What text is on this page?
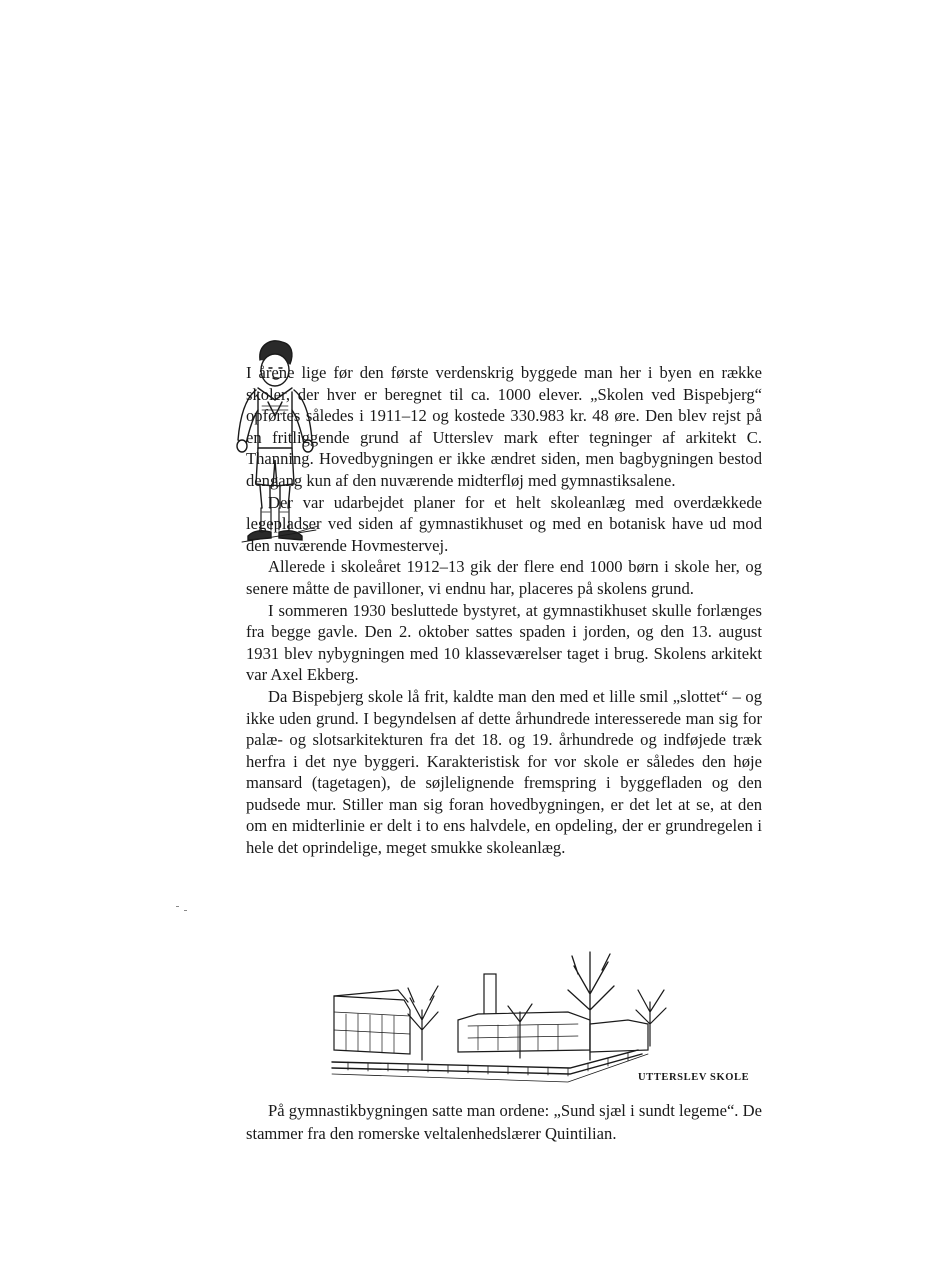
I årene lige før den første verdenskrig byggede man her i byen en række skoler, der hver er beregnet til ca. 1000 elever. „Skolen ved Bispebjerg“ opførtes således i 1911–12 og kostede 330.983 kr. 48 øre. Den blev rejst på en fritliggende grund af Utterslev mark efter tegninger af arkitekt C. Thanning. Hovedbygningen er ikke ændret siden, men bagbygningen bestod dengang kun af den nuværende midterfløj med gymnastiksalene.

Der var udarbejdet planer for et helt skoleanlæg med overdækkede legepladser ved siden af gymnastikhuset og med en botanisk have ud mod den nuværende Hovmestervej.

Allerede i skoleåret 1912–13 gik der flere end 1000 børn i skole her, og senere måtte de pavilloner, vi endnu har, placeres på skolens grund.

I sommeren 1930 besluttede bystyret, at gymnastikhuset skulle forlænges fra begge gavle. Den 2. oktober sattes spaden i jorden, og den 13. august 1931 blev nybygningen med 10 klasseværelser taget i brug. Skolens arkitekt var Axel Ekberg.

Da Bispebjerg skole lå frit, kaldte man den med et lille smil „slottet“ – og ikke uden grund. I begyndelsen af dette århundrede interesserede man sig for palæ- og slotsarkitekturen fra det 18. og 19. århundrede og indføjede træk herfra i det nye byggeri. Karakteristisk for vor skole er således den høje mansard (tagetagen), de søjlelignende fremspring i byggefladen og den pudsede mur. Stiller man sig foran hovedbygningen, er det let at se, at den om en midterlinie er delt i to ens halvdele, en opdeling, der er grundregelen i hele det oprindelige, meget smukke skoleanlæg.

UTTERSLEV SKOLE

På gymnastikbygningen satte man ordene: „Sund sjæl i sundt legeme“. De stammer fra den romerske veltalenhedslærer Quintilian.
